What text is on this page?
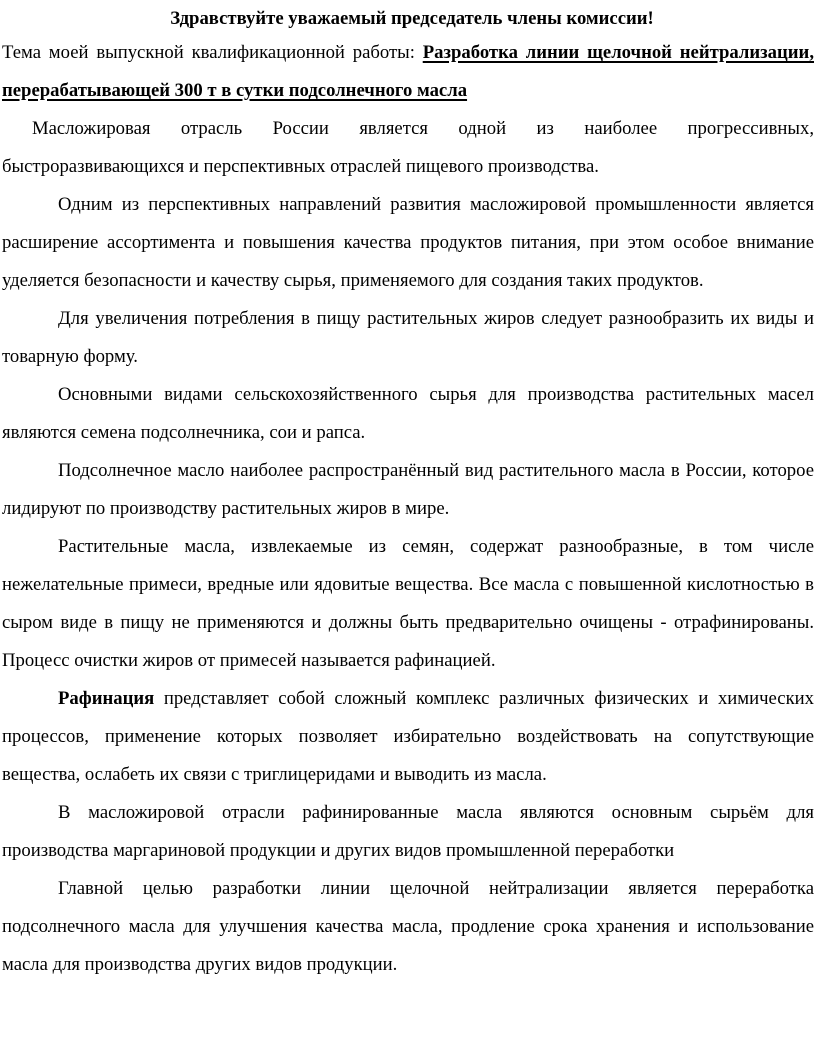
Здравствуйте уважаемый председатель члены комиссии!

Тема моей выпускной квалификационной работы: Разработка линии щелочной нейтрализации, перерабатывающей 300 т в сутки подсолнечного масла

Масложировая отрасль России является одной из наиболее прогрессивных, быстроразвивающихся и перспективных отраслей пищевого производства.

Одним из перспективных направлений развития масложировой промышленности является расширение ассортимента и повышения качества продуктов питания, при этом особое внимание уделяется безопасности и качеству сырья, применяемого для создания таких продуктов.

Для увеличения потребления в пищу растительных жиров следует разнообразить их виды и товарную форму.

Основными видами сельскохозяйственного сырья для производства растительных масел являются семена подсолнечника, сои и рапса.

Подсолнечное масло наиболее распространённый вид растительного масла в России, которое лидируют по производству растительных жиров в мире.

Растительные масла, извлекаемые из семян, содержат разнообразные, в том числе нежелательные примеси, вредные или ядовитые вещества. Все масла с повышенной кислотностью в сыром виде в пищу не применяются и должны быть предварительно очищены - отрафинированы. Процесс очистки жиров от примесей называется рафинацией.

Рафинация представляет собой сложный комплекс различных физических и химических процессов, применение которых позволяет избирательно воздействовать на сопутствующие вещества, ослабеть их связи с триглицеридами и выводить из масла.

В масложировой отрасли рафинированные масла являются основным сырьём для производства маргариновой продукции и других видов промышленной переработки

Главной целью разработки линии щелочной нейтрализации является переработка подсолнечного масла для улучшения качества масла, продление срока хранения и использование масла для производства других видов продукции.
